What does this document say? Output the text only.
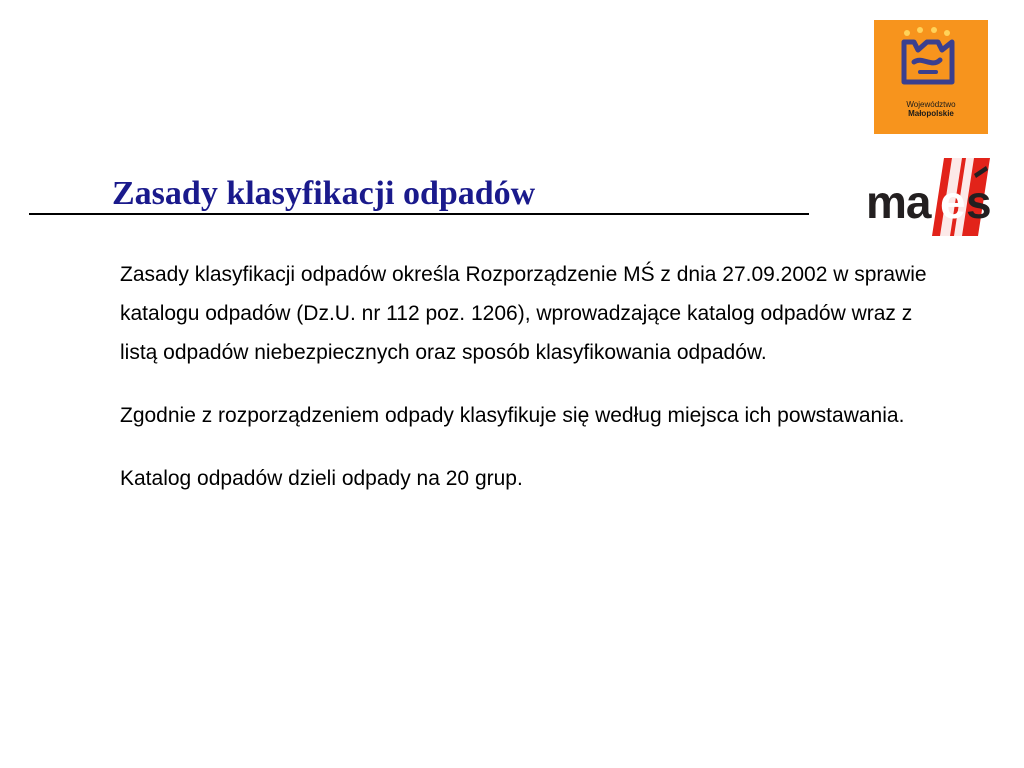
Województwo
Małopolskie
ma e s
Zasady klasyfikacji odpadów

Zasady klasyfikacji odpadów określa Rozporządzenie MŚ z dnia 27.09.2002 w sprawie katalogu odpadów (Dz.U. nr 112 poz. 1206), wprowadzające katalog odpadów wraz z listą odpadów niebezpiecznych oraz sposób klasyfikowania odpadów.

Zgodnie z rozporządzeniem odpady klasyfikuje się według miejsca ich powstawania.

Katalog odpadów dzieli odpady na 20 grup.
